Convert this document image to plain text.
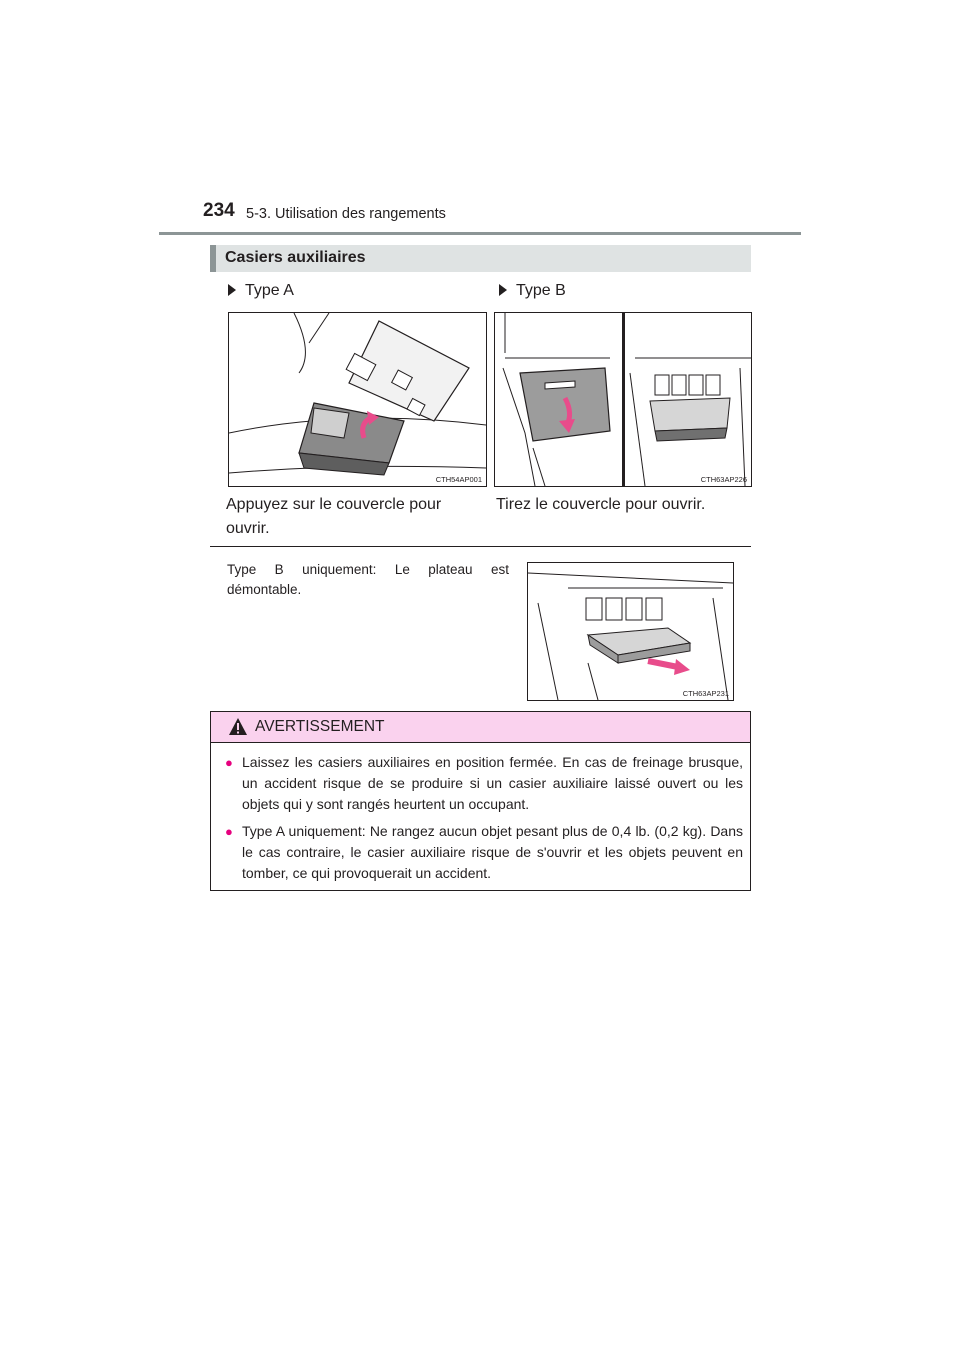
234 5-3. Utilisation des rangements
Casiers auxiliaires
Type A	Type B
CTH54AP001	CTH63AP226
Appuyez sur le couvercle pour
ouvrir.
Tirez le couvercle pour ouvrir.
Type B uniquement: Le plateau est démontable.
CTH63AP231
AVERTISSEMENT
● Laissez les casiers auxiliaires en position fermée. En cas de freinage brusque, un accident risque de se produire si un casier auxiliaire laissé ouvert ou les objets qui y sont rangés heurtent un occupant.
● Type A uniquement: Ne rangez aucun objet pesant plus de 0,4 lb. (0,2 kg). Dans le cas contraire, le casier auxiliaire risque de s'ouvrir et les objets peuvent en tomber, ce qui provoquerait un accident.
